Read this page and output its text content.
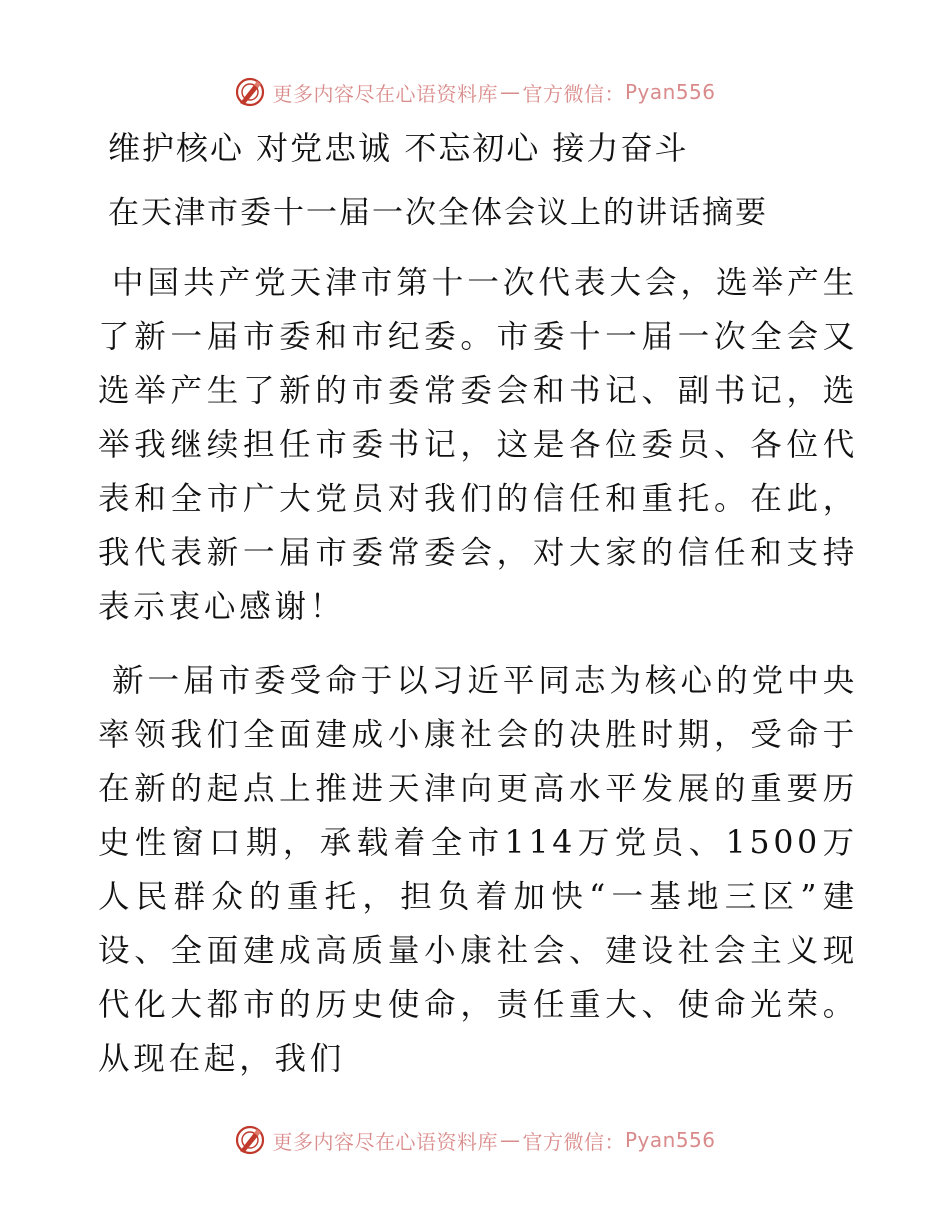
更多内容尽在心语资料库 — 官方微信： Pyan556
维护核心 对党忠诚 不忘初心 接力奋斗
在天津市委十一届一次全体会议上的讲话摘要

中国共产党天津市第十一次代表大会，选举产生了新一届市委和市纪委。市委十一届一次全会又选举产生了新的市委常委会和书记、副书记，选举我继续担任市委书记，这是各位委员、各位代表和全市广大党员对我们的信任和重托。在此，我代表新一届市委常委会，对大家的信任和支持表示衷心感谢！

新一届市委受命于以习近平同志为核心的党中央率领我们全面建成小康社会的决胜时期，受命于在新的起点上推进天津向更高水平发展的重要历史性窗口期，承载着全市114万党员、1500万人民群众的重托，担负着加快“一基地三区”建设、全面建成高质量小康社会、建设社会主义现代化大都市的历史使命，责任重大、使命光荣。从现在起，我们

更多内容尽在心语资料库 — 官方微信： Pyan556
